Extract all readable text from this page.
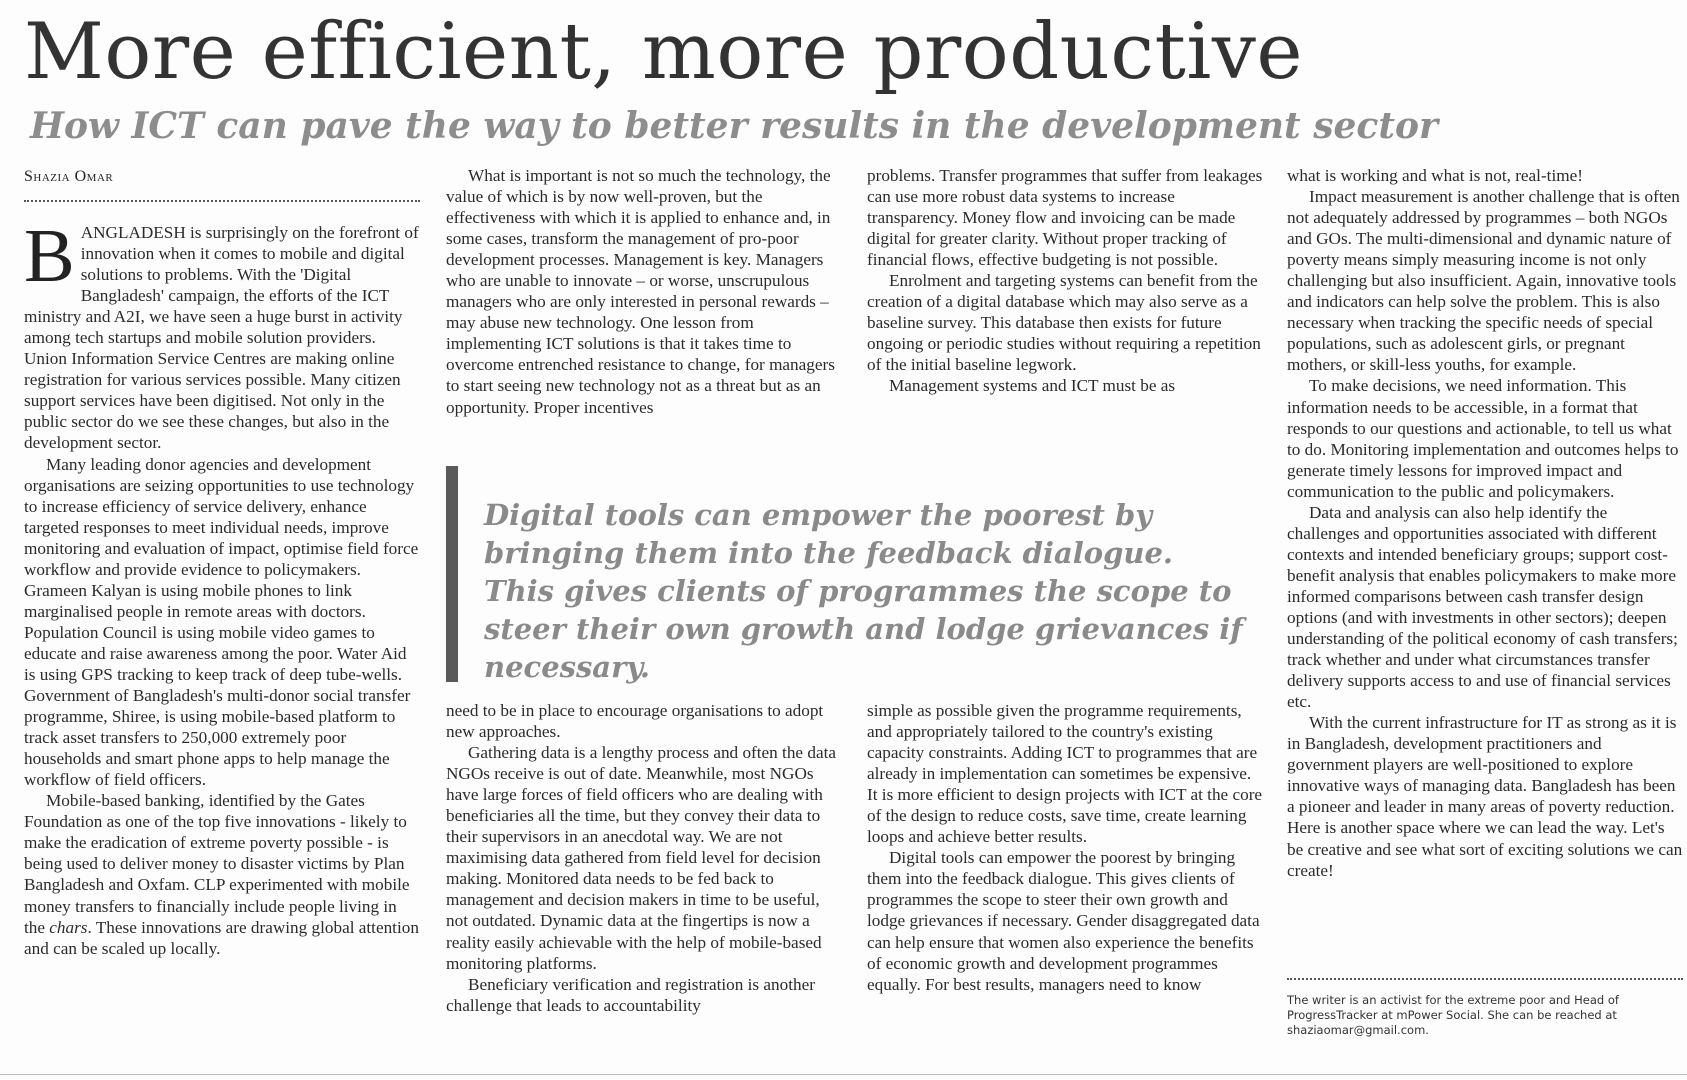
More efficient, more productive
How ICT can pave the way to better results in the development sector
Shazia Omar

BANGLADESH is surprisingly on the forefront of innovation when it comes to mobile and digital solutions to problems. With the 'Digital Bangladesh' campaign, the efforts of the ICT ministry and A2I, we have seen a huge burst in activity among tech startups and mobile solution providers. Union Information Service Centres are making online registration for various services possible. Many citizen support services have been digitised. Not only in the public sector do we see these changes, but also in the development sector.

Many leading donor agencies and development organisations are seizing opportunities to use technology to increase efficiency of service delivery, enhance targeted responses to meet individual needs, improve monitoring and evaluation of impact, optimise field force workflow and provide evidence to policymakers. Grameen Kalyan is using mobile phones to link marginalised people in remote areas with doctors. Population Council is using mobile video games to educate and raise awareness among the poor. Water Aid is using GPS tracking to keep track of deep tube-wells. Government of Bangladesh's multi-donor social transfer programme, Shiree, is using mobile-based platform to track asset transfers to 250,000 extremely poor households and smart phone apps to help manage the workflow of field officers.

Mobile-based banking, identified by the Gates Foundation as one of the top five innovations - likely to make the eradication of extreme poverty possible - is being used to deliver money to disaster victims by Plan Bangladesh and Oxfam. CLP experimented with mobile money transfers to financially include people living in the chars. These innovations are drawing global attention and can be scaled up locally.

What is important is not so much the technology, the value of which is by now well-proven, but the effectiveness with which it is applied to enhance and, in some cases, transform the management of pro-poor development processes. Management is key. Managers who are unable to innovate – or worse, unscrupulous managers who are only interested in personal rewards – may abuse new technology. One lesson from implementing ICT solutions is that it takes time to overcome entrenched resistance to change, for managers to start seeing new technology not as a threat but as an opportunity. Proper incentives

problems. Transfer programmes that suffer from leakages can use more robust data systems to increase transparency. Money flow and invoicing can be made digital for greater clarity. Without proper tracking of financial flows, effective budgeting is not possible.

Enrolment and targeting systems can benefit from the creation of a digital database which may also serve as a baseline survey. This database then exists for future ongoing or periodic studies without requiring a repetition of the initial baseline legwork.

Management systems and ICT must be as

Digital tools can empower the poorest by bringing them into the feedback dialogue. This gives clients of programmes the scope to steer their own growth and lodge grievances if necessary.

need to be in place to encourage organisations to adopt new approaches.

Gathering data is a lengthy process and often the data NGOs receive is out of date. Meanwhile, most NGOs have large forces of field officers who are dealing with beneficiaries all the time, but they convey their data to their supervisors in an anecdotal way. We are not maximising data gathered from field level for decision making. Monitored data needs to be fed back to management and decision makers in time to be useful, not outdated. Dynamic data at the fingertips is now a reality easily achievable with the help of mobile-based monitoring platforms.

Beneficiary verification and registration is another challenge that leads to accountability

simple as possible given the programme requirements, and appropriately tailored to the country's existing capacity constraints. Adding ICT to programmes that are already in implementation can sometimes be expensive. It is more efficient to design projects with ICT at the core of the design to reduce costs, save time, create learning loops and achieve better results.

Digital tools can empower the poorest by bringing them into the feedback dialogue. This gives clients of programmes the scope to steer their own growth and lodge grievances if necessary. Gender disaggregated data can help ensure that women also experience the benefits of economic growth and development programmes equally. For best results, managers need to know

what is working and what is not, real-time!

Impact measurement is another challenge that is often not adequately addressed by programmes – both NGOs and GOs. The multi-dimensional and dynamic nature of poverty means simply measuring income is not only challenging but also insufficient. Again, innovative tools and indicators can help solve the problem. This is also necessary when tracking the specific needs of special populations, such as adolescent girls, or pregnant mothers, or skill-less youths, for example.

To make decisions, we need information. This information needs to be accessible, in a format that responds to our questions and actionable, to tell us what to do. Monitoring implementation and outcomes helps to generate timely lessons for improved impact and communication to the public and policymakers.

Data and analysis can also help identify the challenges and opportunities associated with different contexts and intended beneficiary groups; support cost-benefit analysis that enables policymakers to make more informed comparisons between cash transfer design options (and with investments in other sectors); deepen understanding of the political economy of cash transfers; track whether and under what circumstances transfer delivery supports access to and use of financial services etc.

With the current infrastructure for IT as strong as it is in Bangladesh, development practitioners and government players are well-positioned to explore innovative ways of managing data. Bangladesh has been a pioneer and leader in many areas of poverty reduction. Here is another space where we can lead the way. Let's be creative and see what sort of exciting solutions we can create!

The writer is an activist for the extreme poor and Head of ProgressTracker at mPower Social. She can be reached at shaziaomar@gmail.com.
